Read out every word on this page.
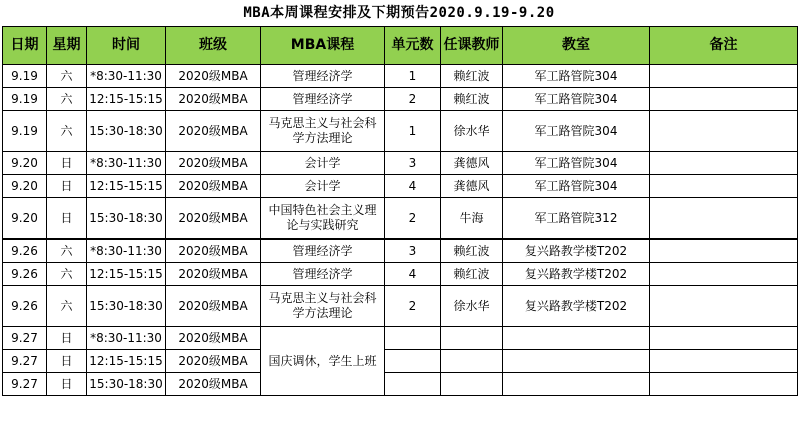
MBA本周课程安排及下期预告2020.9.19-9.20
日期	星期	时间	班级	MBA课程	单元数	任课教师	教室	备注
9.19	六	*8:30-11:30	2020级MBA	管理经济学	1	赖红波	军工路管院304	
9.19	六	12:15-15:15	2020级MBA	管理经济学	2	赖红波	军工路管院304	
9.19	六	15:30-18:30	2020级MBA	马克思主义与社会科学方法理论	1	徐水华	军工路管院304	
9.20	日	*8:30-11:30	2020级MBA	会计学	3	龚德风	军工路管院304	
9.20	日	12:15-15:15	2020级MBA	会计学	4	龚德风	军工路管院304	
9.20	日	15:30-18:30	2020级MBA	中国特色社会主义理论与实践研究	2	牛海	军工路管院312	
9.26	六	*8:30-11:30	2020级MBA	管理经济学	3	赖红波	复兴路教学楼T202	
9.26	六	12:15-15:15	2020级MBA	管理经济学	4	赖红波	复兴路教学楼T202	
9.26	六	15:30-18:30	2020级MBA	马克思主义与社会科学方法理论	2	徐水华	复兴路教学楼T202	
9.27	日	*8:30-11:30	2020级MBA	国庆调休，学生上班				
9.27	日	12:15-15:15	2020级MBA					
9.27	日	15:30-18:30	2020级MBA					
